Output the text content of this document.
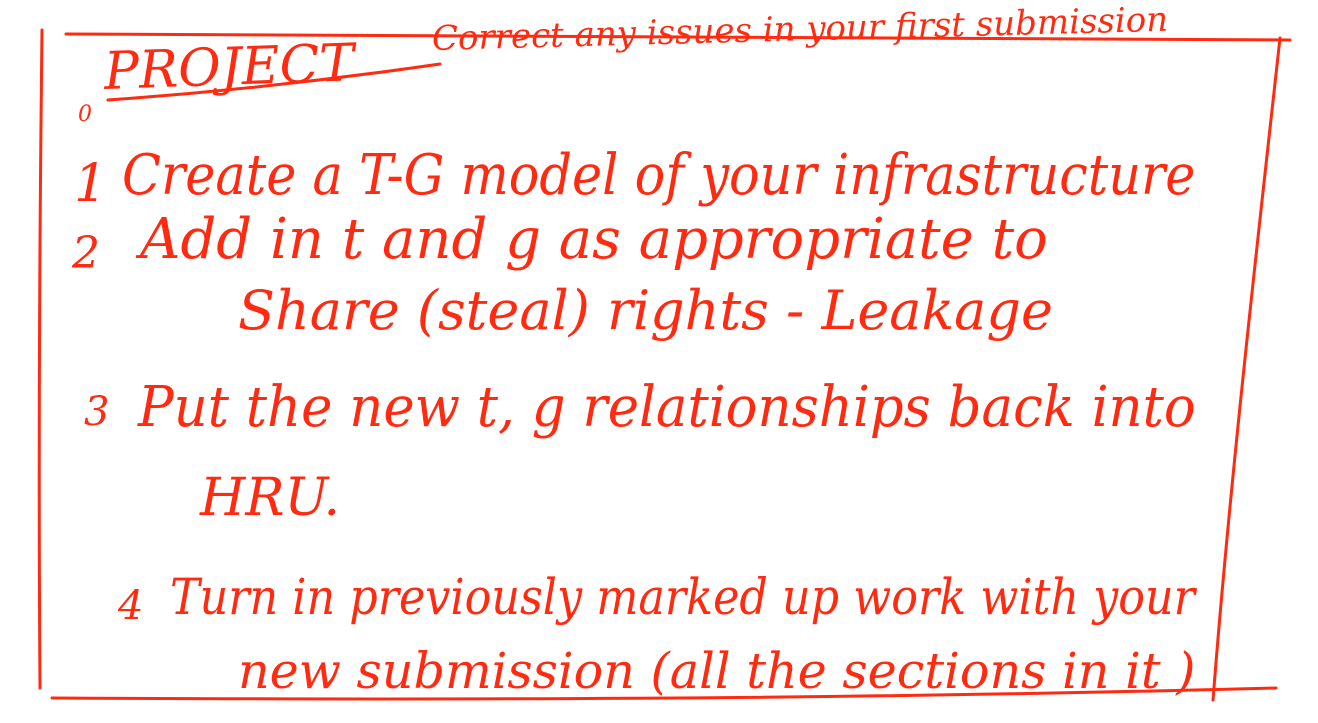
0
PROJECT
Correct any issues in your first submission
1 Create a T-G model of your infrastructure
2 Add in t and g as appropriate to
Share (steal) rights - Leakage
3 Put the new t, g relationships back into
HRU.
4 Turn in previously marked up work with your
new submission (all the sections in it )
